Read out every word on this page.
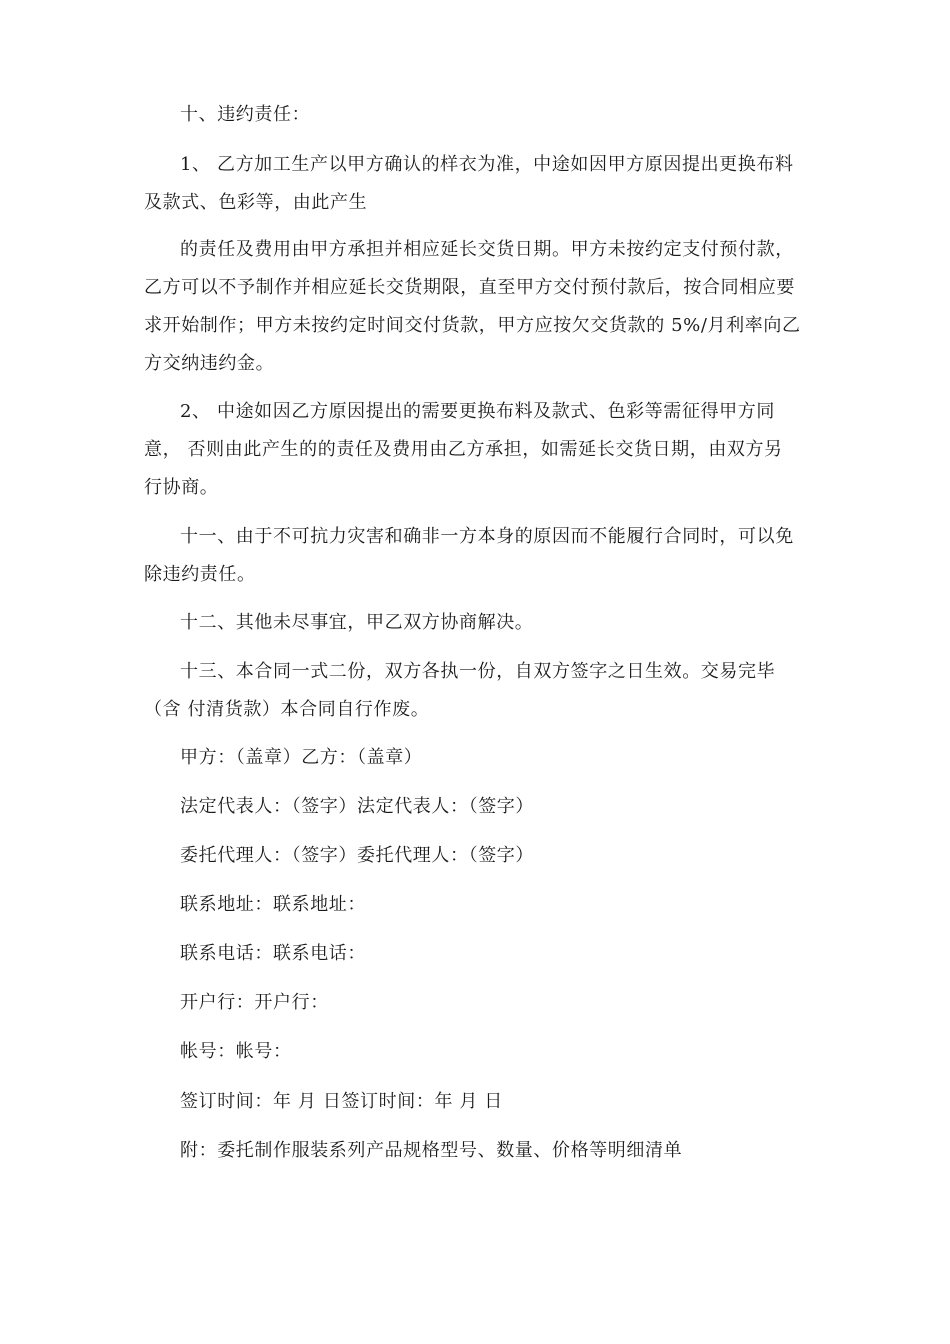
十、违约责任：
1、 乙方加工生产以甲方确认的样衣为准，中途如因甲方原因提出更换布料
及款式、色彩等，由此产生
的责任及费用由甲方承担并相应延长交货日期。甲方未按约定支付预付款，
乙方可以不予制作并相应延长交货期限，直至甲方交付预付款后，按合同相应要
求开始制作；甲方未按约定时间交付货款，甲方应按欠交货款的 5%/月利率向乙
方交纳违约金。
2、 中途如因乙方原因提出的需要更换布料及款式、色彩等需征得甲方同
意， 否则由此产生的的责任及费用由乙方承担，如需延长交货日期，由双方另
行协商。
十一、由于不可抗力灾害和确非一方本身的原因而不能履行合同时，可以免
除违约责任。
十二、其他未尽事宜，甲乙双方协商解决。
十三、本合同一式二份，双方各执一份，自双方签字之日生效。交易完毕
（含 付清货款）本合同自行作废。
甲方：（盖章）乙方：（盖章）
法定代表人：（签字）法定代表人：（签字）
委托代理人：（签字）委托代理人：（签字）
联系地址：联系地址：
联系电话：联系电话：
开户行：开户行：
帐号：帐号：
签订时间：年 月 日签订时间：年 月 日
附：委托制作服装系列产品规格型号、数量、价格等明细清单
